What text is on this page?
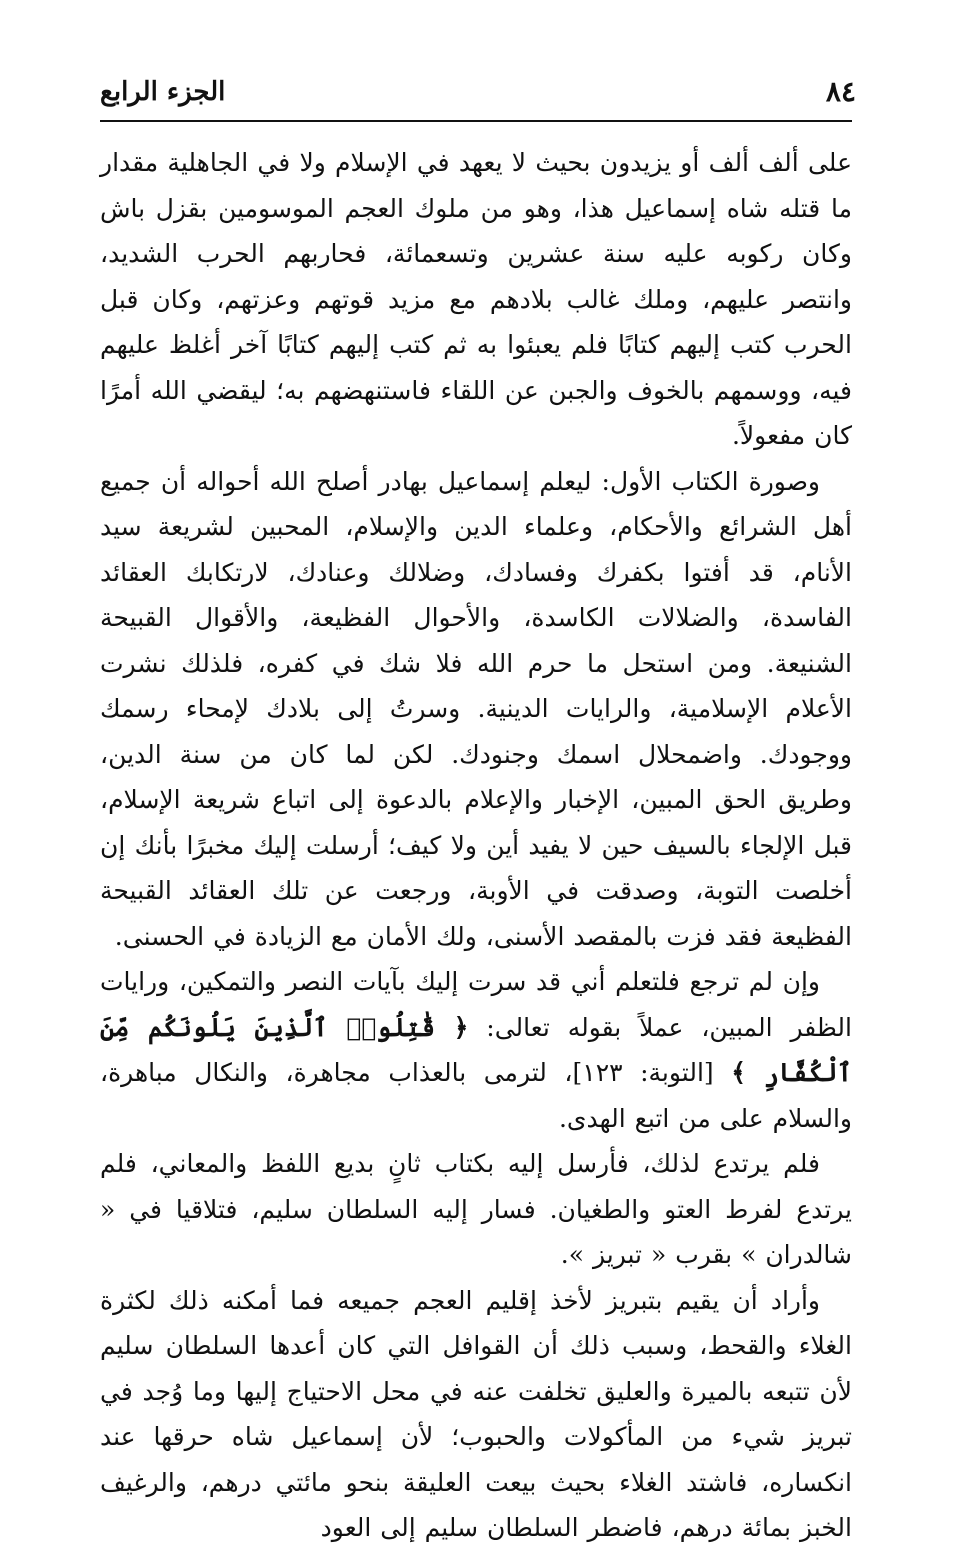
٨٤
الجزء الرابع

على ألف ألف أو يزيدون بحيث لا يعهد في الإسلام ولا في الجاهلية مقدار ما قتله شاه إسماعيل هذا، وهو من ملوك العجم الموسومين بقزل باش وكان ركوبه عليه سنة عشرين وتسعمائة، فحاربهم الحرب الشديد، وانتصر عليهم، وملك غالب بلادهم مع مزيد قوتهم وعزتهم، وكان قبل الحرب كتب إليهم كتابًا فلم يعبئوا به ثم كتب إليهم كتابًا آخر أغلظ عليهم فيه، ووسمهم بالخوف والجبن عن اللقاء فاستنهضهم به؛ ليقضي الله أمرًا كان مفعولاً.

وصورة الكتاب الأول: ليعلم إسماعيل بهادر أصلح الله أحواله أن جميع أهل الشرائع والأحكام، وعلماء الدين والإسلام، المحبين لشريعة سيد الأنام، قد أفتوا بكفرك وفسادك، وضلالك وعنادك، لارتكابك العقائد الفاسدة، والضلالات الكاسدة، والأحوال الفظيعة، والأقوال القبيحة الشنيعة. ومن استحل ما حرم الله فلا شك في كفره، فلذلك نشرت الأعلام الإسلامية، والرايات الدينية. وسرتُ إلى بلادك لإمحاء رسمك ووجودك. واضمحلال اسمك وجنودك. لكن لما كان من سنة الدين، وطريق الحق المبين، الإخبار والإعلام بالدعوة إلى اتباع شريعة الإسلام، قبل الإلجاء بالسيف حين لا يفيد أين ولا كيف؛ أرسلت إليك مخبرًا بأنك إن أخلصت التوبة، وصدقت في الأوبة، ورجعت عن تلك العقائد القبيحة الفظيعة فقد فزت بالمقصد الأسنى، ولك الأمان مع الزيادة في الحسنى.

وإن لم ترجع فلتعلم أني قد سرت إليك بآيات النصر والتمكين، ورايات الظفر المبين، عملاً بقوله تعالى: ﴿ قَٰتِلُوا۟ ٱلَّذِينَ يَلُونَكُم مِّنَ ٱلْكُفَّارِ ﴾ [التوبة: ١٢٣]، لترمى بالعذاب مجاهرة، والنكال مباهرة، والسلام على من اتبع الهدى.

فلم يرتدع لذلك، فأرسل إليه بكتاب ثانٍ بديع اللفظ والمعاني، فلم يرتدع لفرط العتو والطغيان. فسار إليه السلطان سليم، فتلاقيا في « شالدران » بقرب « تبريز ».

وأراد أن يقيم بتبريز لأخذ إقليم العجم جميعه فما أمكنه ذلك لكثرة الغلاء والقحط، وسبب ذلك أن القوافل التي كان أعدها السلطان سليم لأن تتبعه بالميرة والعليق تخلفت عنه في محل الاحتياج إليها وما وُجد في تبريز شيء من المأكولات والحبوب؛ لأن إسماعيل شاه حرقها عند انكساره، فاشتد الغلاء بحيث بيعت العليقة بنحو مائتي درهم، والرغيف الخبز بمائة درهم، فاضطر السلطان سليم إلى العود
